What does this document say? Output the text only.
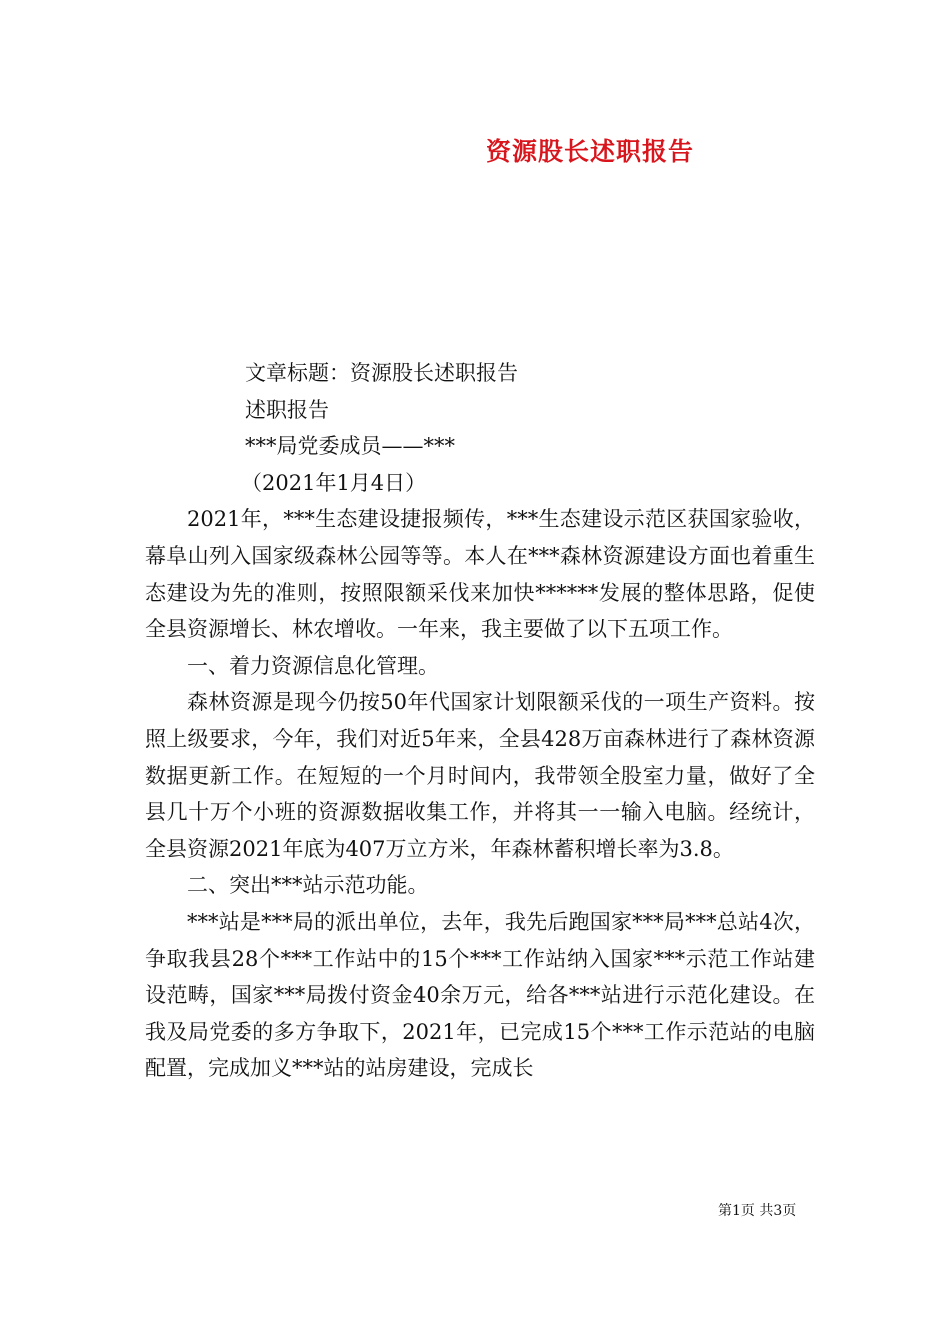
资源股长述职报告

文章标题：资源股长述职报告

述职报告

***局党委成员——***

（2021年1月4日）

2021年，***生态建设捷报频传，***生态建设示范区获国家验收，幕阜山列入国家级森林公园等等。本人在***森林资源建设方面也着重生态建设为先的准则，按照限额采伐来加快******发展的整体思路，促使全县资源增长、林农增收。一年来，我主要做了以下五项工作。

一、着力资源信息化管理。

森林资源是现今仍按50年代国家计划限额采伐的一项生产资料。按照上级要求，今年，我们对近5年来，全县428万亩森林进行了森林资源数据更新工作。在短短的一个月时间内，我带领全股室力量，做好了全县几十万个小班的资源数据收集工作，并将其一一输入电脑。经统计，全县资源2021年底为407万立方米，年森林蓄积增长率为3.8。

二、突出***站示范功能。

***站是***局的派出单位，去年，我先后跑国家***局***总站4次，争取我县28个***工作站中的15个***工作站纳入国家***示范工作站建设范畴，国家***局拨付资金40余万元，给各***站进行示范化建设。在我及局党委的多方争取下，2021年，已完成15个***工作示范站的电脑配置，完成加义***站的站房建设，完成长

第1页 共3页
